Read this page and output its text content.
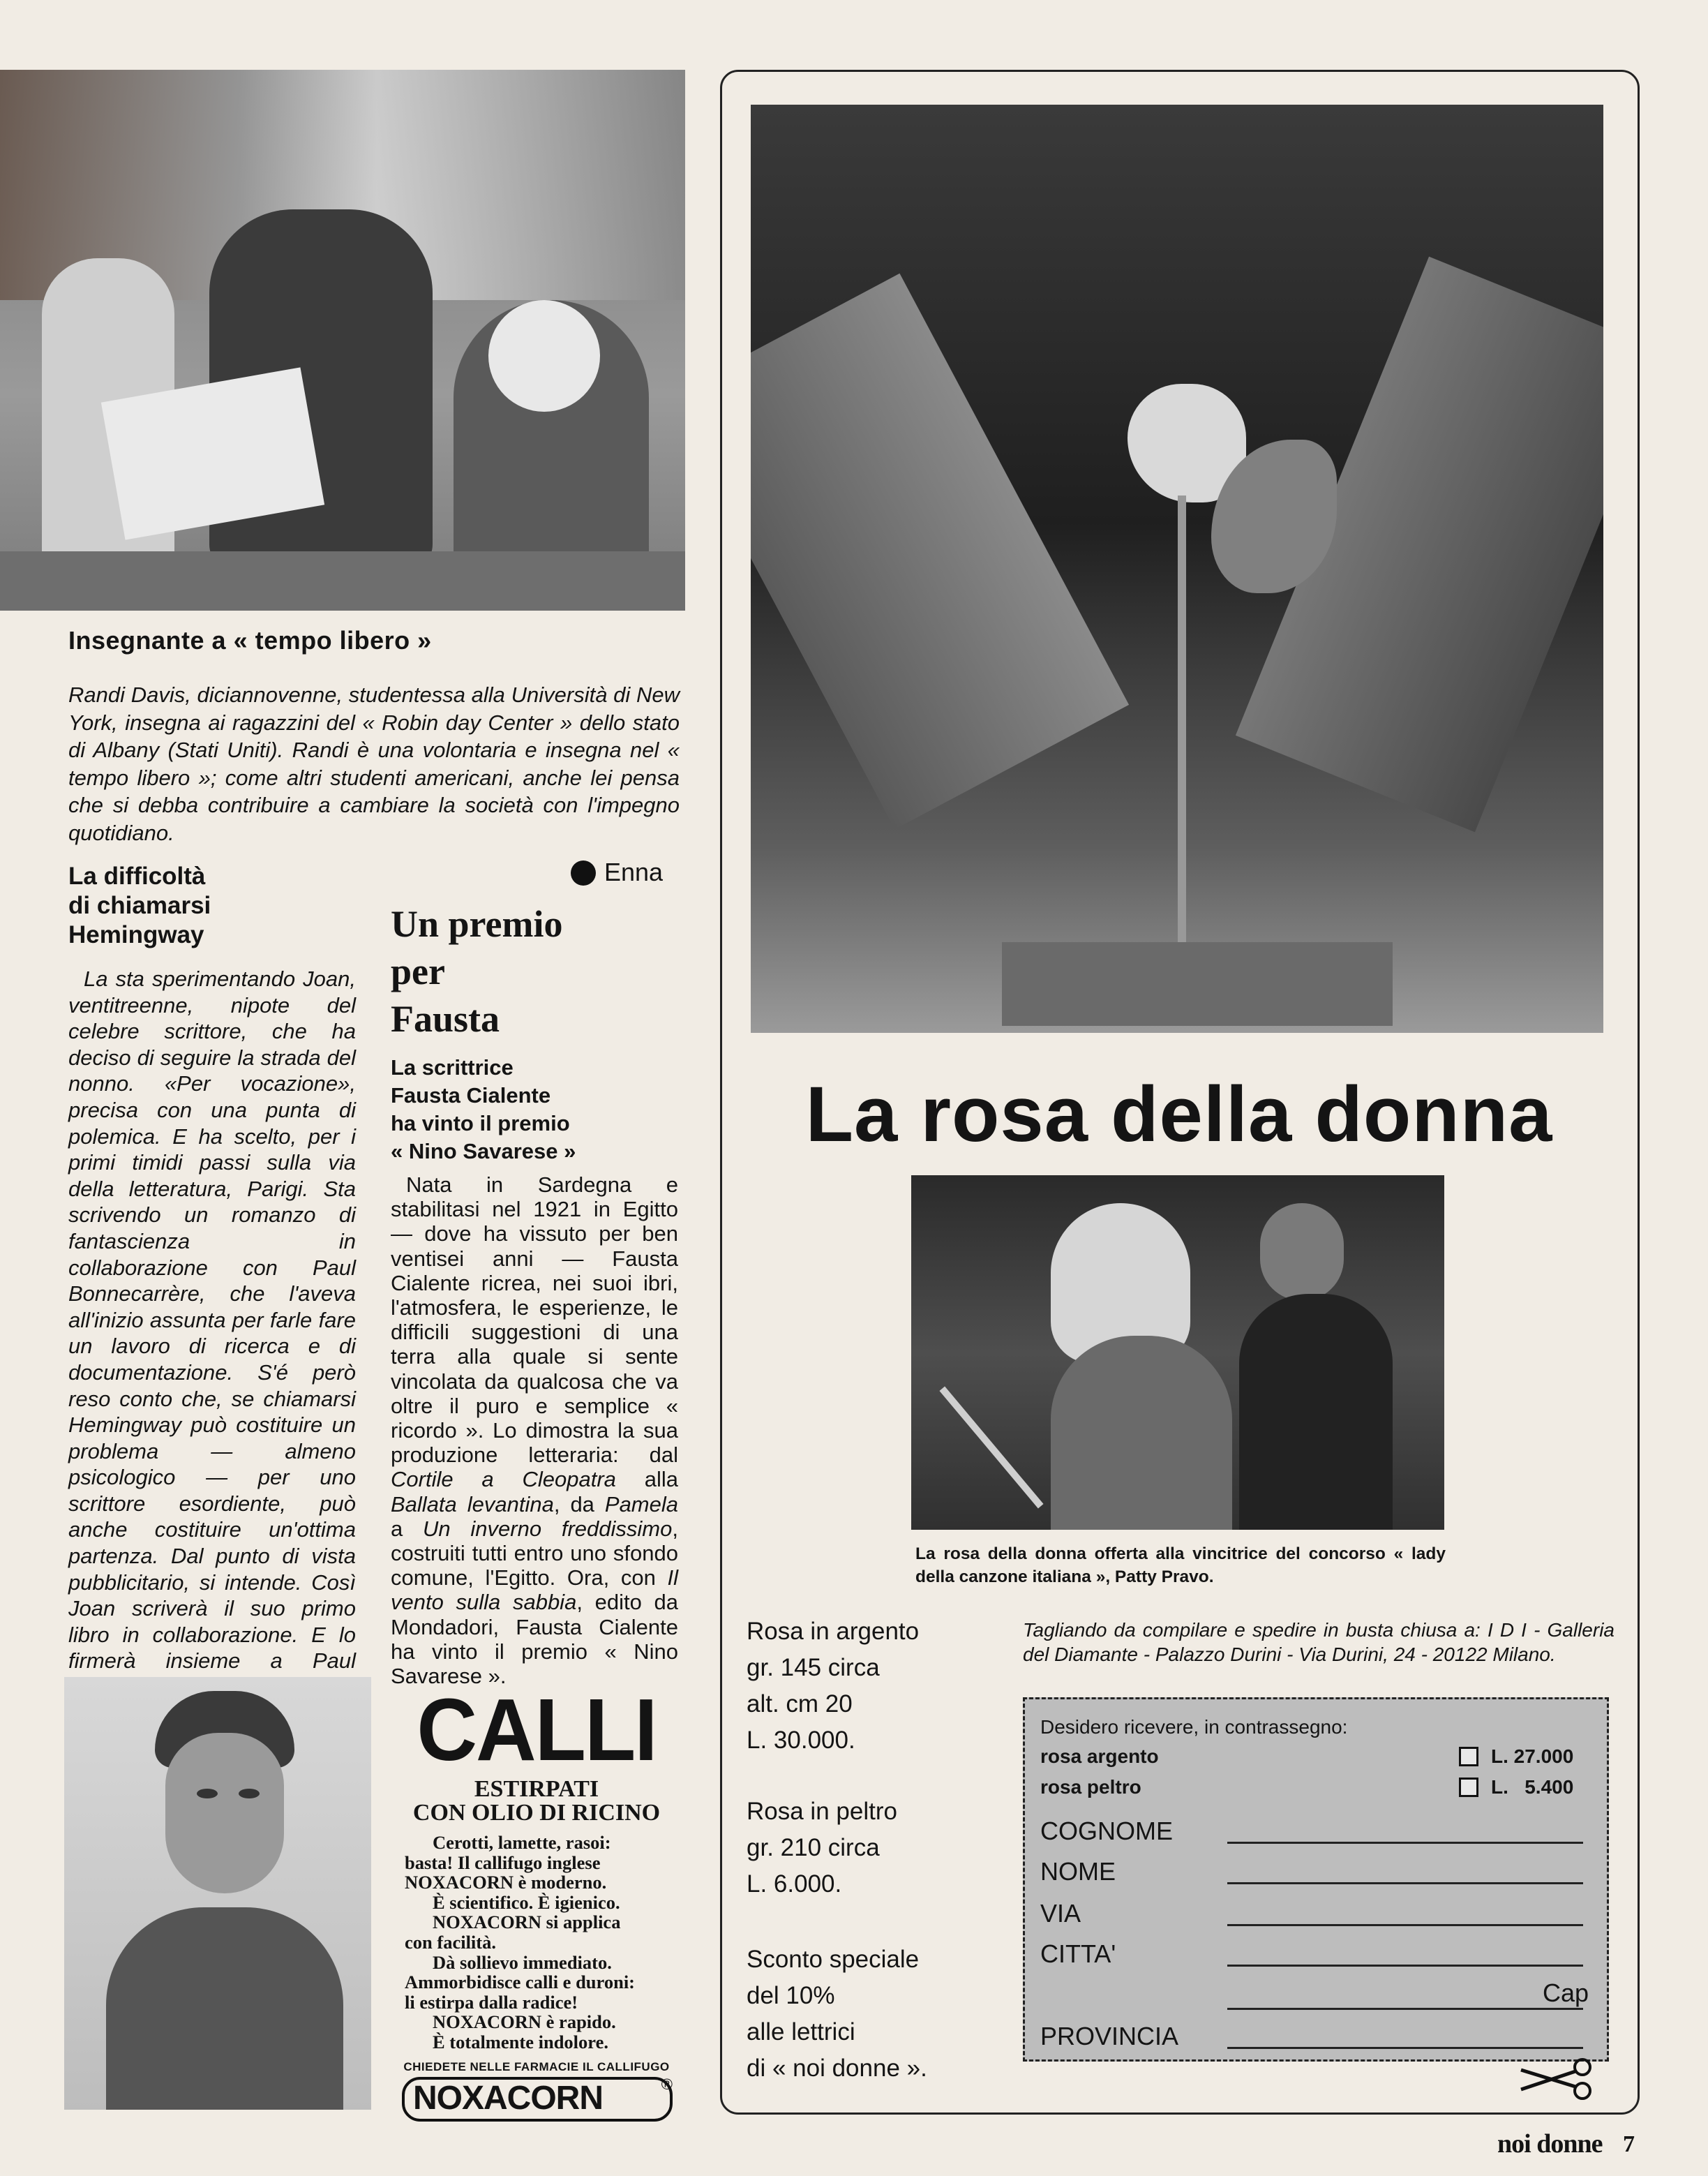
Insegnante a « tempo libero »

Randi Davis, diciannovenne, studentessa alla Università di New York, insegna ai ragazzini del « Robin day Center » dello stato di Albany (Stati Uniti). Randi è una volontaria e insegna nel « tempo libero »; come altri studenti americani, anche lei pensa che si debba contribuire a cambiare la società con l'impegno quotidiano.

La difficoltà
di chiamarsi
Hemingway

La sta sperimentando Joan, ventitreenne, nipote del celebre scrittore, che ha deciso di seguire la strada del nonno. «Per vocazione», precisa con una punta di polemica. E ha scelto, per i primi timidi passi sulla via della letteratura, Parigi. Sta scrivendo un romanzo di fantascienza in collaborazione con Paul Bonnecarrère, che l'aveva all'inizio assunta per farle fare un lavoro di ricerca e di documentazione. S'é però reso conto che, se chiamarsi Hemingway può costituire un problema — almeno psicologico — per uno scrittore esordiente, può anche costituire un'ottima partenza. Dal punto di vista pubblicitario, si intende. Così Joan scriverà il suo primo libro in collaborazione. E lo firmerà insieme a Paul

Enna
Un premio
per
Fausta
La scrittrice
Fausta Cialente
ha vinto il premio
« Nino Savarese »

Nata in Sardegna e stabilitasi nel 1921 in Egitto — dove ha vissuto per ben ventisei anni — Fausta Cialente ricrea, nei suoi ibri, l'atmosfera, le esperienze, le difficili suggestioni di una terra alla quale si sente vincolata da qualcosa che va oltre il puro e semplice « ricordo ». Lo dimostra la sua produzione letteraria: dal Cortile a Cleopatra alla Ballata levantina, da Pamela a Un inverno freddissimo, costruiti tutti entro uno sfondo comune, l'Egitto. Ora, con Il vento sulla sabbia, edito da Mondadori, Fausta Cialente ha vinto il premio « Nino Savarese ».

CALLI
ESTIRPATI
CON OLIO DI RICINO
Cerotti, lamette, rasoi:
basta! Il callifugo inglese
NOXACORN è moderno.
È scientifico. È igienico.
NOXACORN si applica
con facilità.
Dà sollievo immediato.
Ammorbidisce calli e duroni:
li estirpa dalla radice!
NOXACORN è rapido.
È totalmente indolore.
CHIEDETE NELLE FARMACIE IL CALLIFUGO
NOXACORN	®
La rosa della donna

La rosa della donna offerta alla vincitrice del concorso « lady della canzone italiana », Patty Pravo.

Rosa in argento
gr. 145 circa
alt. cm 20
L. 30.000.
Rosa in peltro
gr. 210 circa
L. 6.000.
Sconto speciale
del 10%
alle lettrici
di « noi donne ».

Tagliando da compilare e spedire in busta chiusa a: I D I - Galleria del Diamante - Palazzo Durini - Via Durini, 24 - 20122 Milano.

Desidero ricevere, in contrassegno:
rosa argento	L. 27.000
rosa peltro	L.   5.400
COGNOME
NOME
VIA
CITTA'
Cap
PROVINCIA
noi donne 7
